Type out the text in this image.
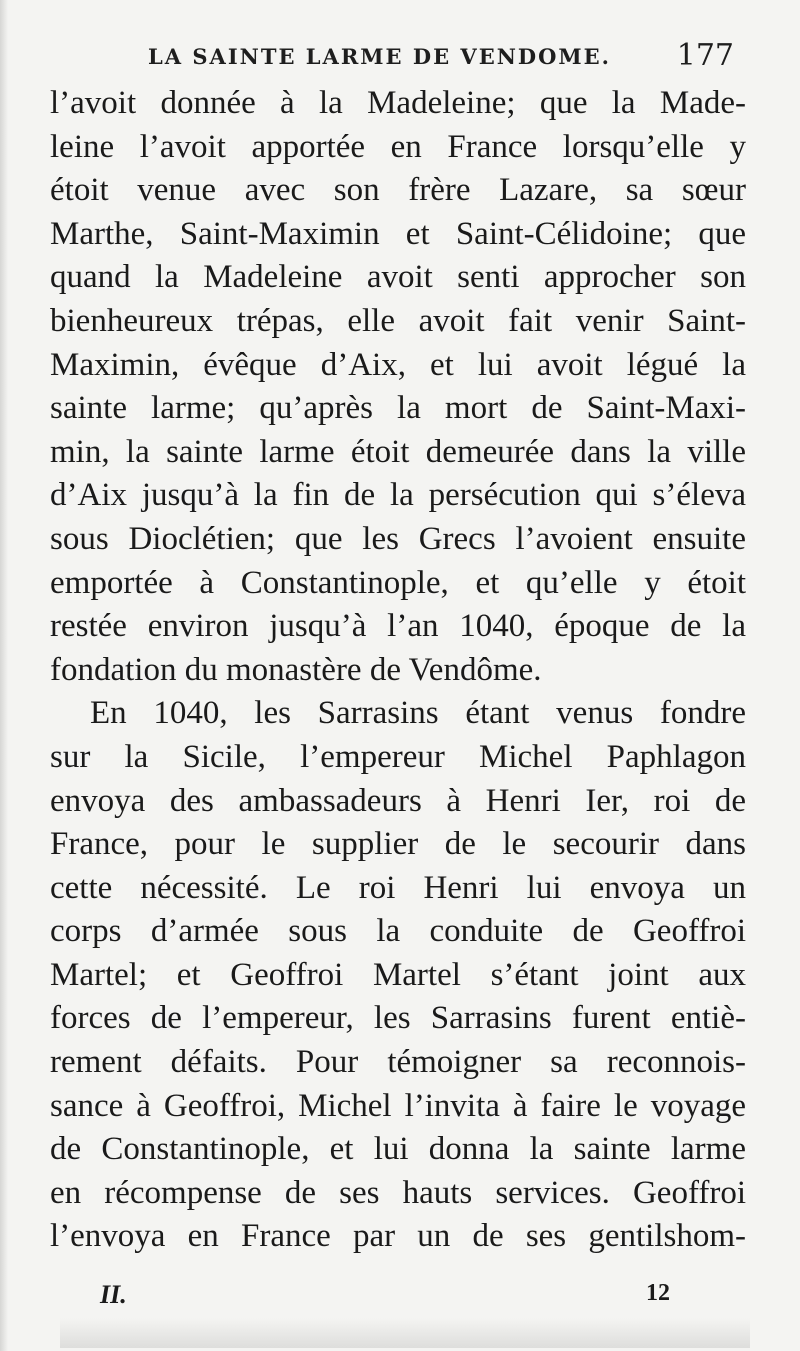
LA SAINTE LARME DE VENDOME. 177
l’avoit donnée à la Madeleine; que la Made-
leine l’avoit apportée en France lorsqu’elle y
étoit venue avec son frère Lazare, sa sœur
Marthe, Saint-Maximin et Saint-Célidoine; que
quand la Madeleine avoit senti approcher son
bienheureux trépas, elle avoit fait venir Saint-
Maximin, évêque d’Aix, et lui avoit légué la
sainte larme; qu’après la mort de Saint-Maxi-
min, la sainte larme étoit demeurée dans la ville
d’Aix jusqu’à la fin de la persécution qui s’éleva
sous Dioclétien; que les Grecs l’avoient ensuite
emportée à Constantinople, et qu’elle y étoit
restée environ jusqu’à l’an 1040, époque de la
fondation du monastère de Vendôme.
En 1040, les Sarrasins étant venus fondre
sur la Sicile, l’empereur Michel Paphlagon
envoya des ambassadeurs à Henri Ier, roi de
France, pour le supplier de le secourir dans
cette nécessité. Le roi Henri lui envoya un
corps d’armée sous la conduite de Geoffroi
Martel; et Geoffroi Martel s’étant joint aux
forces de l’empereur, les Sarrasins furent entiè-
rement défaits. Pour témoigner sa reconnois-
sance à Geoffroi, Michel l’invita à faire le voyage
de Constantinople, et lui donna la sainte larme
en récompense de ses hauts services. Geoffroi
l’envoya en France par un de ses gentilshom-
II.	12
